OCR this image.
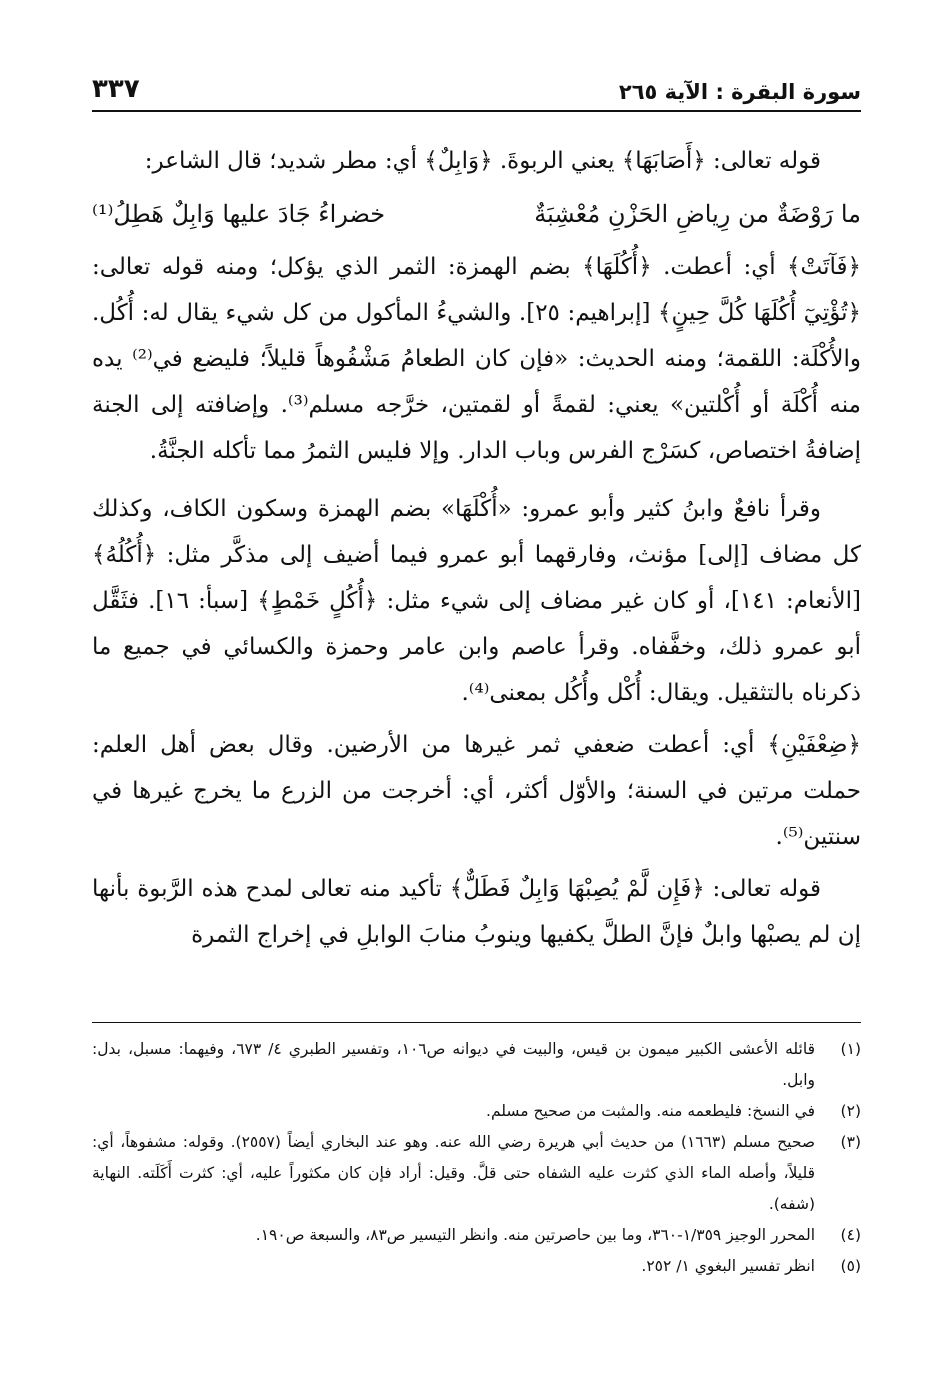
سورة البقرة : الآية ٢٦٥
٣٣٧

قوله تعالى: ﴿أَصَابَهَا﴾ يعني الربوةَ. ﴿وَابِلٌ﴾ أي: مطر شديد؛ قال الشاعر:

ما رَوْضَةٌ من رِياضِ الحَزْنِ مُعْشِبَةٌ
خضراءُ جَادَ عليها وَابِلٌ هَطِلُ⁽¹⁾

﴿فَآتَتْ﴾ أي: أعطت. ﴿أُكُلَهَا﴾ بضم الهمزة: الثمر الذي يؤكل؛ ومنه قوله تعالى: ﴿تُؤْتِيٓ أُكُلَهَا كُلَّ حِينٍ﴾ [إبراهيم: ٢٥]. والشيءُ المأكول من كل شيء يقال له: أُكُل. والأُكْلَة: اللقمة؛ ومنه الحديث: «فإن كان الطعامُ مَشْفُوهاً قليلاً؛ فليضع في⁽²⁾ يده منه أُكْلَة أو أُكْلتين» يعني: لقمةً أو لقمتين، خرَّجه مسلم⁽³⁾. وإضافته إلى الجنة إضافةُ اختصاص، كسَرْج الفرس وباب الدار. وإلا فليس الثمرُ مما تأكله الجنَّةُ.

وقرأ نافعٌ وابنُ كثير وأبو عمرو: «أُكْلَهَا» بضم الهمزة وسكون الكاف، وكذلك كل مضاف [إلى] مؤنث، وفارقهما أبو عمرو فيما أضيف إلى مذكَّر مثل: ﴿أُكُلُهُ﴾ [الأنعام: ١٤١]، أو كان غير مضاف إلى شيء مثل: ﴿أُكُلٍ خَمْطٍ﴾ [سبأ: ١٦]. فثَقَّل أبو عمرو ذلك، وخفَّفاه. وقرأ عاصم وابن عامر وحمزة والكسائي في جميع ما ذكرناه بالتثقيل. ويقال: أُكْل وأُكُل بمعنى⁽⁴⁾.

﴿ضِعْفَيْنِ﴾ أي: أعطت ضعفي ثمر غيرها من الأرضين. وقال بعض أهل العلم: حملت مرتين في السنة؛ والأوّل أكثر، أي: أخرجت من الزرع ما يخرج غيرها في سنتين⁽⁵⁾.

قوله تعالى: ﴿فَإِن لَّمْ يُصِبْهَا وَابِلٌ فَطَلٌّ﴾ تأكيد منه تعالى لمدح هذه الرَّبوة بأنها إن لم يصبْها وابلٌ فإنَّ الطلَّ يكفيها وينوبُ منابَ الوابلِ في إخراج الثمرة

(١)
قائله الأعشى الكبير ميمون بن قيس، والبيت في ديوانه ص١٠٦، وتفسير الطبري ٤/ ٦٧٣، وفيهما: مسبل، بدل: وابل.
(٢)
في النسخ: فليطعمه منه. والمثبت من صحيح مسلم.
(٣)
صحيح مسلم (١٦٦٣) من حديث أبي هريرة رضي الله عنه. وهو عند البخاري أيضاً (٢٥٥٧). وقوله: مشفوهاً، أي: قليلاً، وأصله الماء الذي كثرت عليه الشفاه حتى قلَّ. وقيل: أراد فإن كان مكثوراً عليه، أي: كثرت أَكَلَته. النهاية (شفه).
(٤)
المحرر الوجيز ١/٣٥٩-٣٦٠، وما بين حاصرتين منه. وانظر التيسير ص٨٣، والسبعة ص١٩٠.
(٥)
انظر تفسير البغوي ١/ ٢٥٢.
